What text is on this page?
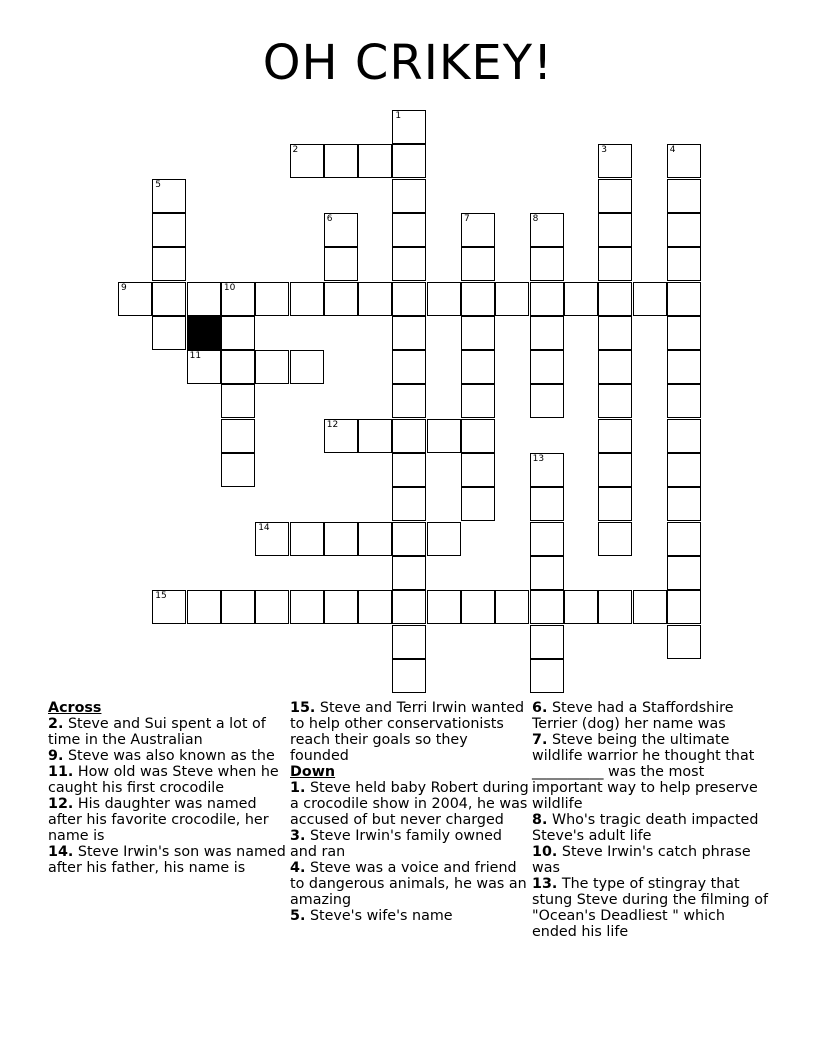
OH CRIKEY!
2
9	10
11
12
14
15
1
3	4
5
6	7	8
13
Across
2. Steve and Sui spent a lot of time in the Australian
9. Steve was also known as the
11. How old was Steve when he caught his first crocodile
12. His daughter was named after his favorite crocodile, her name is
14. Steve Irwin's son was named after his father, his name is
15. Steve and Terri Irwin wanted to help other conservationists reach their goals so they founded
Down
1. Steve held baby Robert during a crocodile show in 2004, he was accused of but never charged
3. Steve Irwin's family owned and ran
4. Steve was a voice and friend to dangerous animals, he was an amazing
5. Steve's wife's name
6. Steve had a Staffordshire Terrier (dog) her name was
7. Steve being the ultimate wildlife warrior he thought that __________ was the most important way to help preserve wildlife
8. Who's tragic death impacted Steve's adult life
10. Steve Irwin's catch phrase was
13. The type of stingray that stung Steve during the filming of "Ocean's Deadliest " which ended his life
